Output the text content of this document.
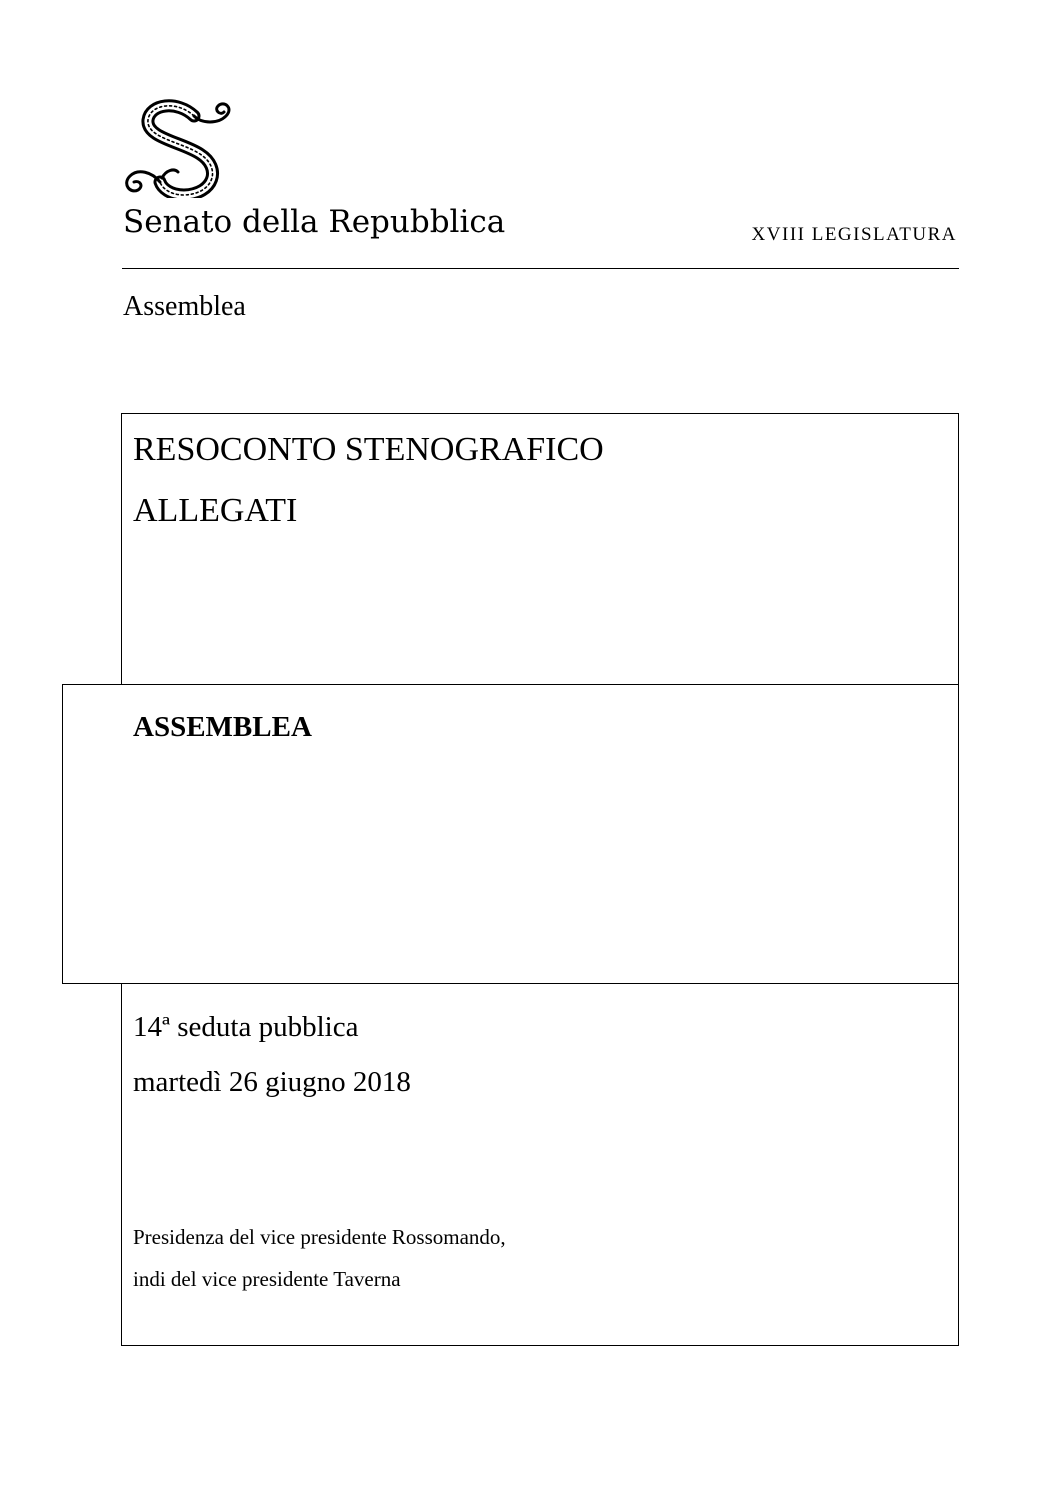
Senato della Repubblica	XVIII LEGISLATURA
Assemblea
RESOCONTO STENOGRAFICO
ALLEGATI
ASSEMBLEA
14ª seduta pubblica
martedì 26 giugno 2018
Presidenza del vice presidente Rossomando,
indi del vice presidente Taverna
